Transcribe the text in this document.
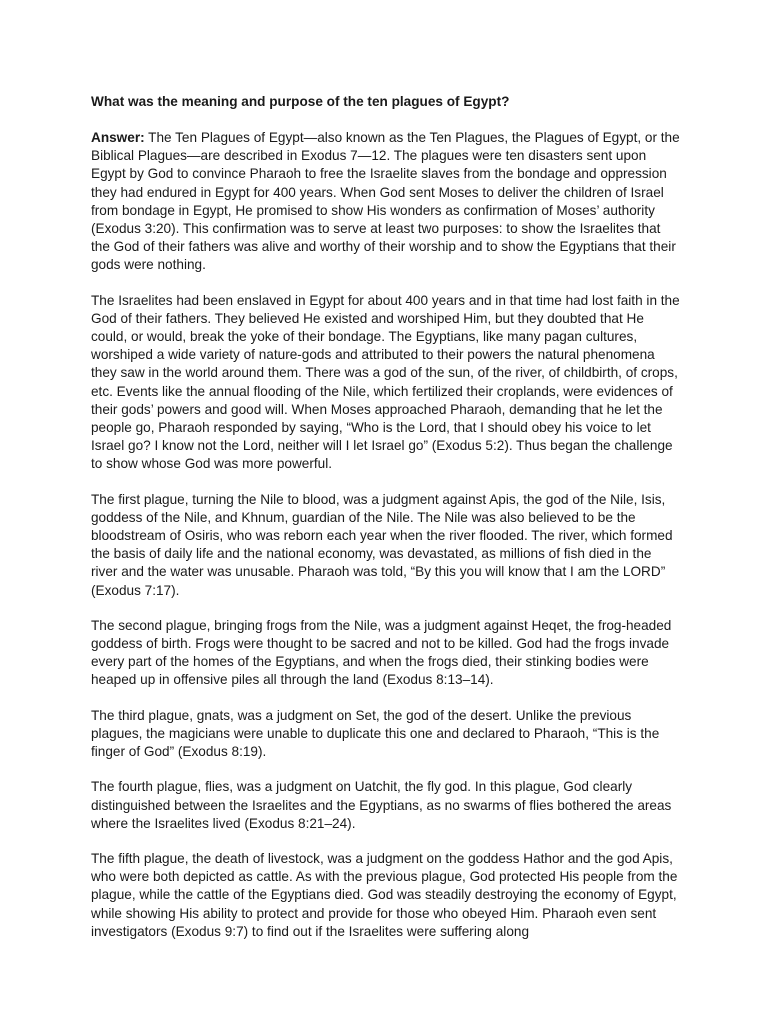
What was the meaning and purpose of the ten plagues of Egypt?

Answer: The Ten Plagues of Egypt—also known as the Ten Plagues, the Plagues of Egypt, or the Biblical Plagues—are described in Exodus 7—12. The plagues were ten disasters sent upon Egypt by God to convince Pharaoh to free the Israelite slaves from the bondage and oppression they had endured in Egypt for 400 years. When God sent Moses to deliver the children of Israel from bondage in Egypt, He promised to show His wonders as confirmation of Moses’ authority (Exodus 3:20). This confirmation was to serve at least two purposes: to show the Israelites that the God of their fathers was alive and worthy of their worship and to show the Egyptians that their gods were nothing.

The Israelites had been enslaved in Egypt for about 400 years and in that time had lost faith in the God of their fathers. They believed He existed and worshiped Him, but they doubted that He could, or would, break the yoke of their bondage. The Egyptians, like many pagan cultures, worshiped a wide variety of nature-gods and attributed to their powers the natural phenomena they saw in the world around them. There was a god of the sun, of the river, of childbirth, of crops, etc. Events like the annual flooding of the Nile, which fertilized their croplands, were evidences of their gods’ powers and good will. When Moses approached Pharaoh, demanding that he let the people go, Pharaoh responded by saying, “Who is the Lord, that I should obey his voice to let Israel go? I know not the Lord, neither will I let Israel go” (Exodus 5:2). Thus began the challenge to show whose God was more powerful.

The first plague, turning the Nile to blood, was a judgment against Apis, the god of the Nile, Isis, goddess of the Nile, and Khnum, guardian of the Nile. The Nile was also believed to be the bloodstream of Osiris, who was reborn each year when the river flooded. The river, which formed the basis of daily life and the national economy, was devastated, as millions of fish died in the river and the water was unusable. Pharaoh was told, “By this you will know that I am the LORD” (Exodus 7:17).

The second plague, bringing frogs from the Nile, was a judgment against Heqet, the frog-headed goddess of birth. Frogs were thought to be sacred and not to be killed. God had the frogs invade every part of the homes of the Egyptians, and when the frogs died, their stinking bodies were heaped up in offensive piles all through the land (Exodus 8:13–14).

The third plague, gnats, was a judgment on Set, the god of the desert. Unlike the previous plagues, the magicians were unable to duplicate this one and declared to Pharaoh, “This is the finger of God” (Exodus 8:19).

The fourth plague, flies, was a judgment on Uatchit, the fly god. In this plague, God clearly distinguished between the Israelites and the Egyptians, as no swarms of flies bothered the areas where the Israelites lived (Exodus 8:21–24).

The fifth plague, the death of livestock, was a judgment on the goddess Hathor and the god Apis, who were both depicted as cattle. As with the previous plague, God protected His people from the plague, while the cattle of the Egyptians died. God was steadily destroying the economy of Egypt, while showing His ability to protect and provide for those who obeyed Him. Pharaoh even sent investigators (Exodus 9:7) to find out if the Israelites were suffering along
